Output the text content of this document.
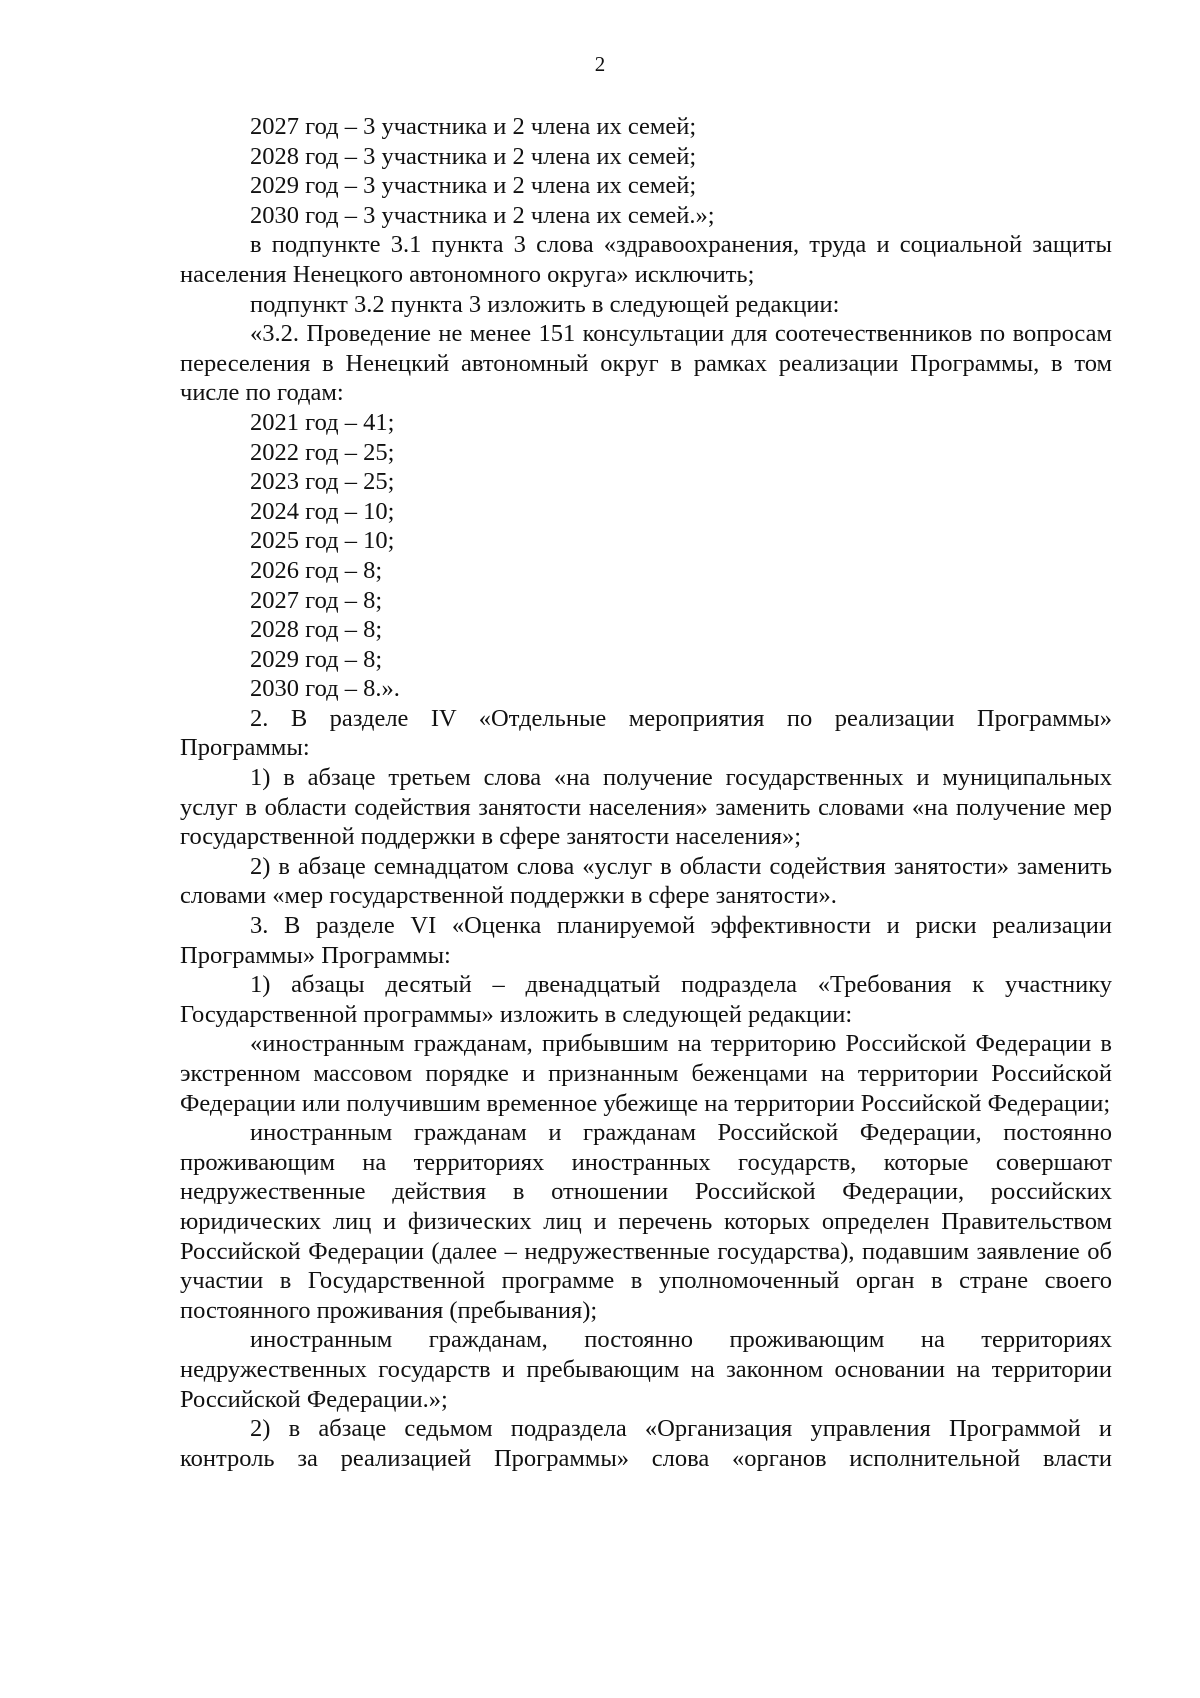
2

2027 год – 3 участника и 2 члена их семей;

2028 год – 3 участника и 2 члена их семей;

2029 год – 3 участника и 2 члена их семей;

2030 год – 3 участника и 2 члена их семей.»;

в подпункте 3.1 пункта 3 слова «здравоохранения, труда и социальной защиты населения Ненецкого автономного округа» исключить;

подпункт 3.2 пункта 3 изложить в следующей редакции:

«3.2. Проведение не менее 151 консультации для соотечественников по вопросам переселения в Ненецкий автономный округ в рамках реализации Программы, в том числе по годам:

2021 год – 41;

2022 год – 25;

2023 год – 25;

2024 год – 10;

2025 год – 10;

2026 год – 8;

2027 год – 8;

2028 год – 8;

2029 год – 8;

2030 год – 8.».

2. В разделе IV «Отдельные мероприятия по реализации Программы» Программы:

1) в абзаце третьем слова «на получение государственных и муниципальных услуг в области содействия занятости населения» заменить словами «на получение мер государственной поддержки в сфере занятости населения»;

2) в абзаце семнадцатом слова «услуг в области содействия занятости» заменить словами «мер государственной поддержки в сфере занятости».

3. В разделе VI «Оценка планируемой эффективности и риски реализации Программы» Программы:

1) абзацы десятый – двенадцатый подраздела «Требования к участнику Государственной программы» изложить в следующей редакции:

«иностранным гражданам, прибывшим на территорию Российской Федерации в экстренном массовом порядке и признанным беженцами на территории Российской Федерации или получившим временное убежище на территории Российской Федерации;

иностранным гражданам и гражданам Российской Федерации, постоянно проживающим на территориях иностранных государств, которые совершают недружественные действия в отношении Российской Федерации, российских юридических лиц и физических лиц и перечень которых определен Правительством Российской Федерации (далее – недружественные государства), подавшим заявление об участии в Государственной программе в уполномоченный орган в стране своего постоянного проживания (пребывания);

иностранным гражданам, постоянно проживающим на территориях недружественных государств и пребывающим на законном основании на территории Российской Федерации.»;

2) в абзаце седьмом подраздела «Организация управления Программой и контроль за реализацией Программы» слова «органов исполнительной власти
